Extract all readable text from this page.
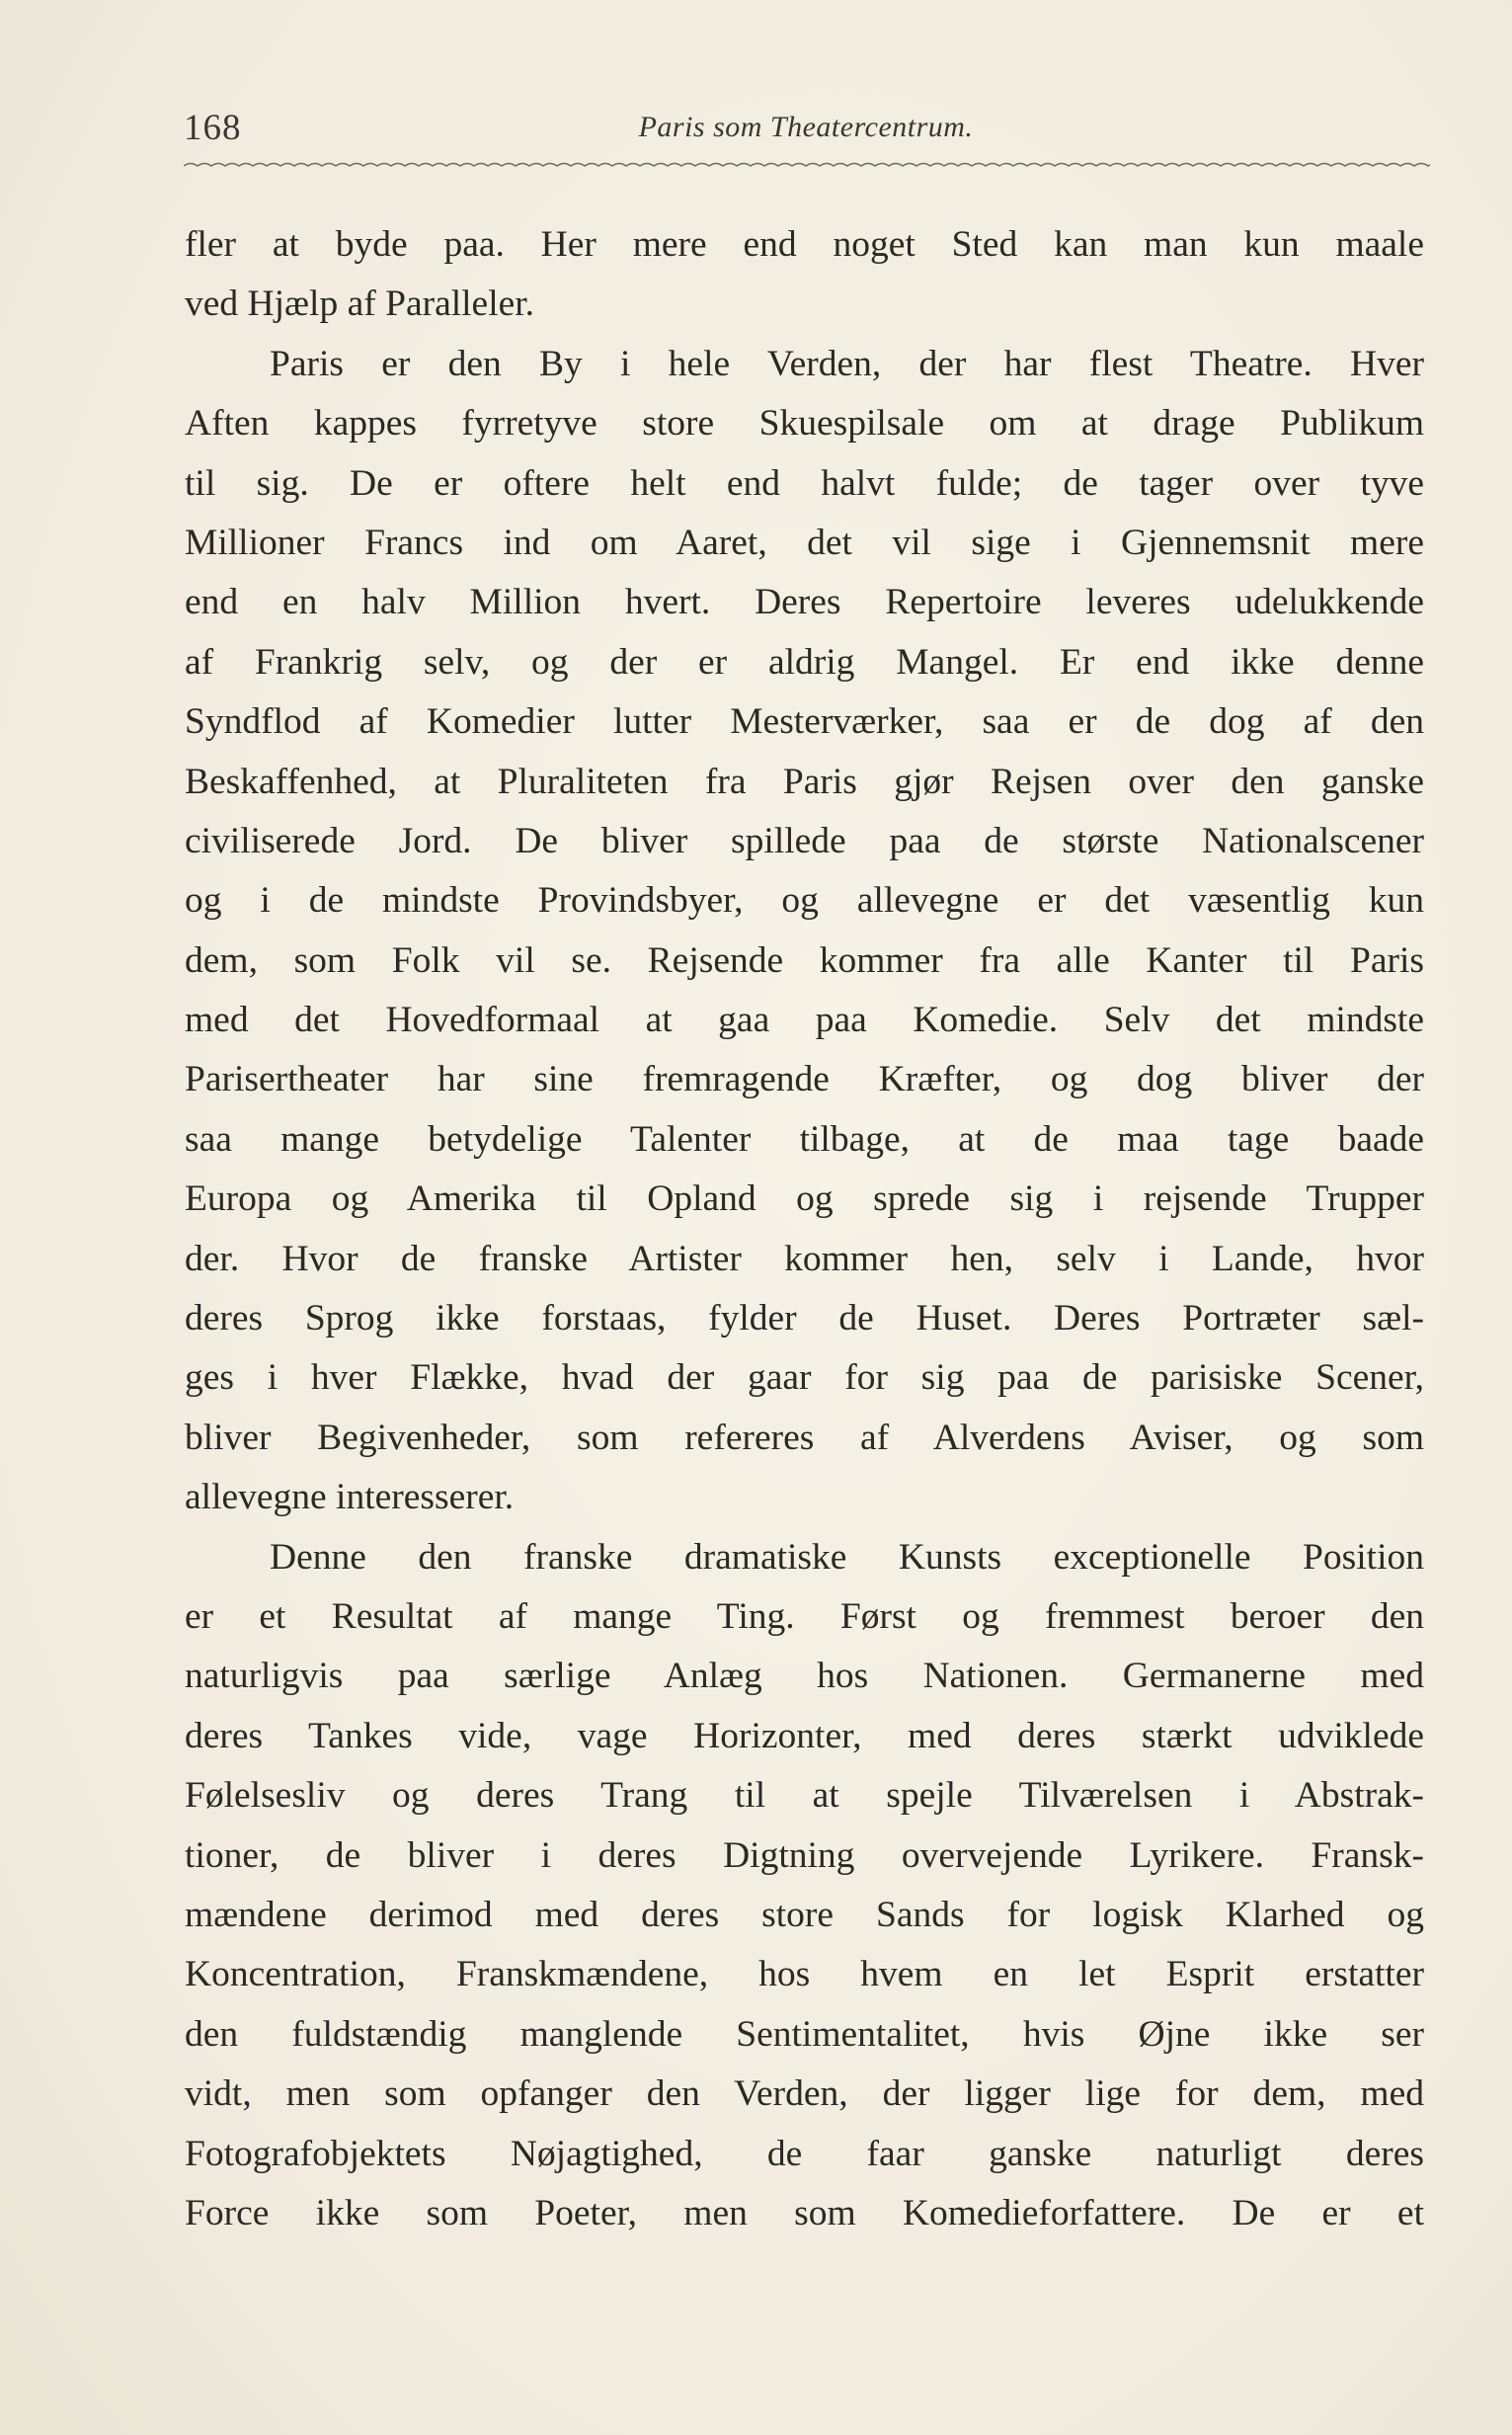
168	Paris som Theatercentrum.
fler at byde paa. Her mere end noget Sted kan man kun maale
ved Hjælp af Paralleler.
Paris er den By i hele Verden, der har flest Theatre. Hver
Aften kappes fyrretyve store Skuespilsale om at drage Publikum
til sig. De er oftere helt end halvt fulde; de tager over tyve
Millioner Francs ind om Aaret, det vil sige i Gjennemsnit mere
end en halv Million hvert. Deres Repertoire leveres udelukkende
af Frankrig selv, og der er aldrig Mangel. Er end ikke denne
Syndflod af Komedier lutter Mesterværker, saa er de dog af den
Beskaffenhed, at Pluraliteten fra Paris gjør Rejsen over den ganske
civiliserede Jord. De bliver spillede paa de største Nationalscener
og i de mindste Provindsbyer, og allevegne er det væsentlig kun
dem, som Folk vil se. Rejsende kommer fra alle Kanter til Paris
med det Hovedformaal at gaa paa Komedie. Selv det mindste
Parisertheater har sine fremragende Kræfter, og dog bliver der
saa mange betydelige Talenter tilbage, at de maa tage baade
Europa og Amerika til Opland og sprede sig i rejsende Trupper
der. Hvor de franske Artister kommer hen, selv i Lande, hvor
deres Sprog ikke forstaas, fylder de Huset. Deres Portræter sæl-
ges i hver Flække, hvad der gaar for sig paa de parisiske Scener,
bliver Begivenheder, som refereres af Alverdens Aviser, og som
allevegne interesserer.
Denne den franske dramatiske Kunsts exceptionelle Position
er et Resultat af mange Ting. Først og fremmest beroer den
naturligvis paa særlige Anlæg hos Nationen. Germanerne med
deres Tankes vide, vage Horizonter, med deres stærkt udviklede
Følelsesliv og deres Trang til at spejle Tilværelsen i Abstrak-
tioner, de bliver i deres Digtning overvejende Lyrikere. Fransk-
mændene derimod med deres store Sands for logisk Klarhed og
Koncentration, Franskmændene, hos hvem en let Esprit erstatter
den fuldstændig manglende Sentimentalitet, hvis Øjne ikke ser
vidt, men som opfanger den Verden, der ligger lige for dem, med
Fotografobjektets Nøjagtighed, de faar ganske naturligt deres
Force ikke som Poeter, men som Komedieforfattere. De er et
